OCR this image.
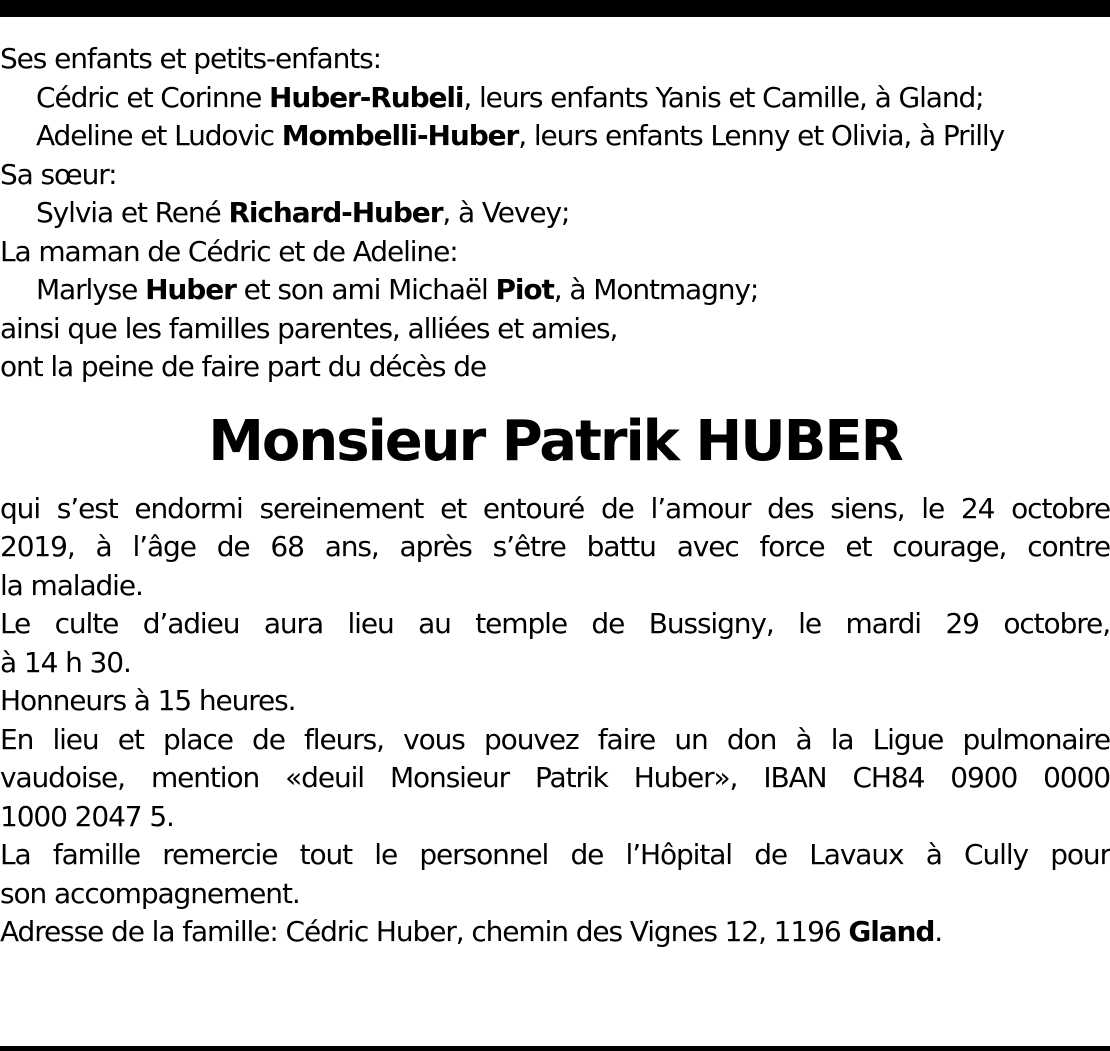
Ses enfants et petits-enfants:
Cédric et Corinne Huber-Rubeli, leurs enfants Yanis et Camille, à Gland;
Adeline et Ludovic Mombelli-Huber, leurs enfants Lenny et Olivia, à Prilly
Sa sœur:
Sylvia et René Richard-Huber, à Vevey;
La maman de Cédric et de Adeline:
Marlyse Huber et son ami Michaël Piot, à Montmagny;
ainsi que les familles parentes, alliées et amies,
ont la peine de faire part du décès de
Monsieur Patrik HUBER
qui s’est endormi sereinement et entouré de l’amour des siens, le 24 octobre
2019, à l’âge de 68 ans, après s’être battu avec force et courage, contre
la maladie.
Le culte d’adieu aura lieu au temple de Bussigny, le mardi 29 octobre,
à 14 h 30.
Honneurs à 15 heures.
En lieu et place de fleurs, vous pouvez faire un don à la Ligue pulmonaire
vaudoise, mention «deuil Monsieur Patrik Huber», IBAN CH84 0900 0000
1000 2047 5.
La famille remercie tout le personnel de l’Hôpital de Lavaux à Cully pour
son accompagnement.
Adresse de la famille: Cédric Huber, chemin des Vignes 12, 1196 Gland.
